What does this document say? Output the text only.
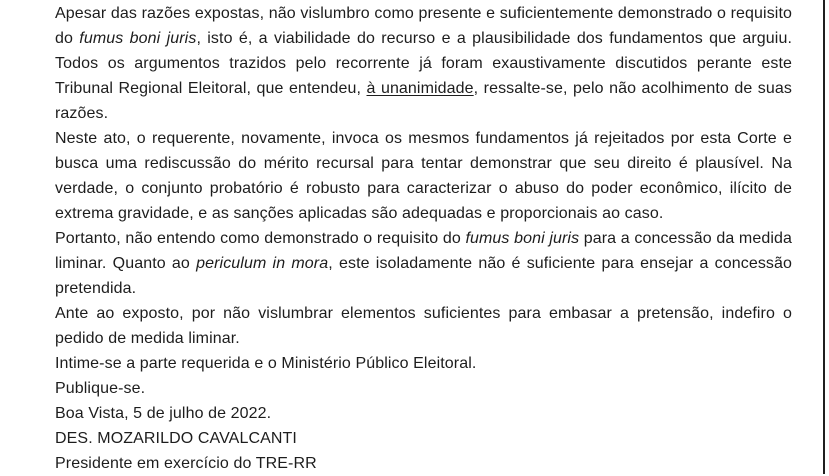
Apesar das razões expostas, não vislumbro como presente e suficientemente demonstrado o requisito do fumus boni juris, isto é, a viabilidade do recurso e a plausibilidade dos fundamentos que arguiu. Todos os argumentos trazidos pelo recorrente já foram exaustivamente discutidos perante este Tribunal Regional Eleitoral, que entendeu, à unanimidade, ressalte-se, pelo não acolhimento de suas razões.

Neste ato, o requerente, novamente, invoca os mesmos fundamentos já rejeitados por esta Corte e busca uma rediscussão do mérito recursal para tentar demonstrar que seu direito é plausível. Na verdade, o conjunto probatório é robusto para caracterizar o abuso do poder econômico, ilícito de extrema gravidade, e as sanções aplicadas são adequadas e proporcionais ao caso.

Portanto, não entendo como demonstrado o requisito do fumus boni juris para a concessão da medida liminar. Quanto ao periculum in mora, este isoladamente não é suficiente para ensejar a concessão pretendida.

Ante ao exposto, por não vislumbrar elementos suficientes para embasar a pretensão, indefiro o pedido de medida liminar.

Intime-se a parte requerida e o Ministério Público Eleitoral.

Publique-se.

Boa Vista, 5 de julho de 2022.

DES. MOZARILDO CAVALCANTI

Presidente em exercício do TRE-RR
